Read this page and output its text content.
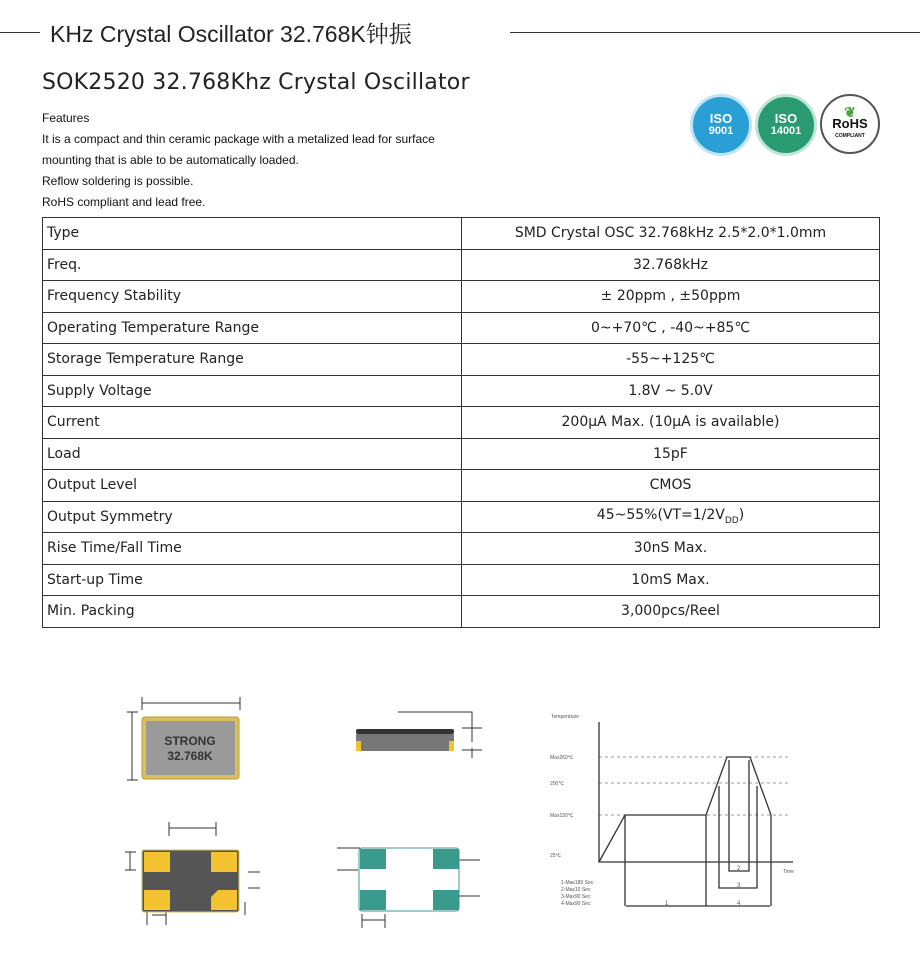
KHz Crystal Oscillator 32.768K钟振
SOK2520 32.768Khz Crystal Oscillator
Features
It is a compact and thin ceramic package with a metalized lead for surface
mounting that is able to be automatically loaded.
Reflow soldering is possible.
RoHS compliant and lead free.
ISO
9001
ISO
14001
❦
RoHS
COMPLIANT
Type	SMD Crystal OSC 32.768kHz 2.5*2.0*1.0mm
Freq.	32.768kHz
Frequency Stability	± 20ppm , ±50ppm
Operating Temperature Range	0~+70℃ , -40~+85℃
Storage Temperature Range	-55~+125℃
Supply Voltage	1.8V ~ 5.0V
Current	200μA Max. (10μA is available)
Load	15pF
Output Level	CMOS
Output Symmetry	$45\sim 55\%(VT=1/2V_{DD})$
Rise Time/Fall Time	30nS Max.
Start-up Time	10mS Max.
Min. Packing	3,000pcs/Reel
STRONG
32.768K
Temperature
Time
Max260℃
200℃
Max150℃
25℃
1
2
3
4
1-Max180 Sec
2-Max10 Sec
3-Max90 Sec
4-Max90 Sec
